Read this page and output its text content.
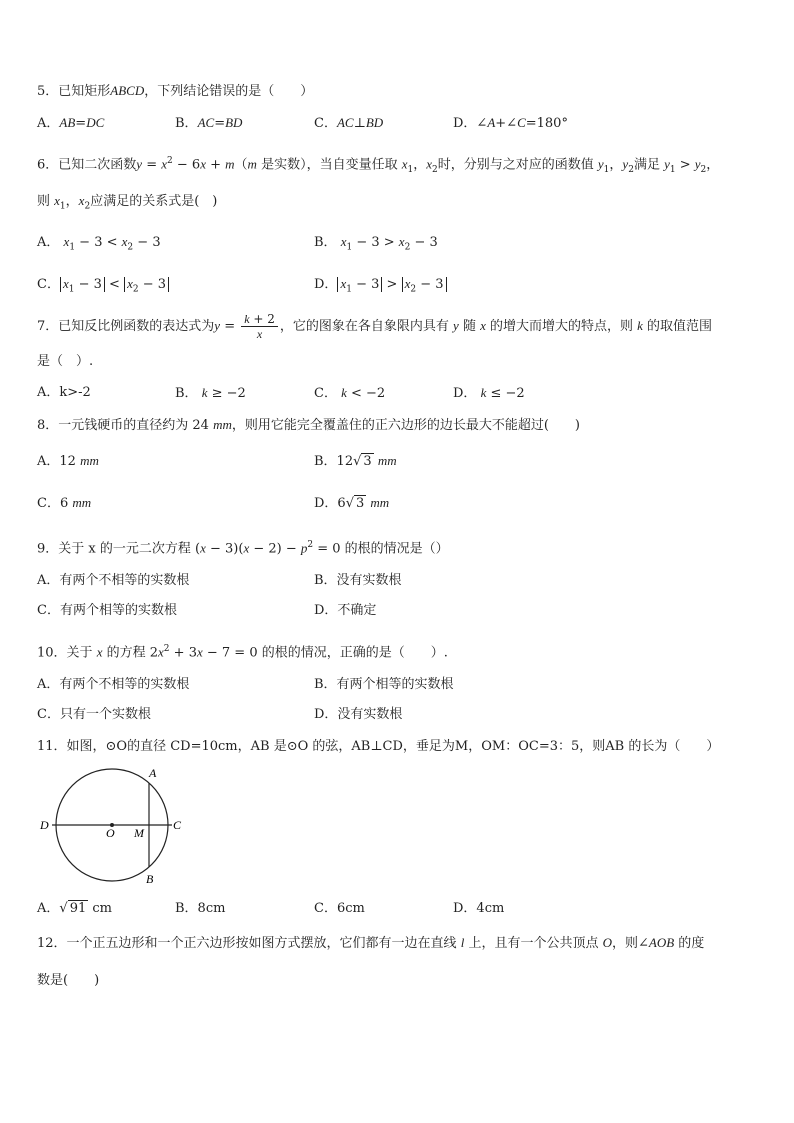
5．已知矩形ABCD，下列结论错误的是（　　）
A．AB=DC	B．AC=BD	C．AC⊥BD	D．∠A+∠C=180°
6．已知二次函数$y = x^2 - 6x + m(m$ 是实数），当自变量任取 $x_1$，$x_2$时，分别与之对应的函数值 $y_1$，$y_2$满足 $y_1 > y_2$，
则 $x_1$，$x_2$应满足的关系式是(　)
A． $x_1 - 3 < x_2 - 3$	B． $x_1 - 3 > x_2 - 3$
C． $x_1 - 3 < x_2 - 3$	D． $x_1 - 3 > x_2 - 3$
7．已知反比例函数的表达式为$y = \frac{k + 2}{x}$ ，它的图象在各自象限内具有 y 随 x 的增大而增大的特点，则 k 的取值范围
是（　）.
A．k>-2	B． k ≥ −2	C． k < −2	D． k ≤ −2
8．一元钱硬币的直径约为 24 mm，则用它能完全覆盖住的正六边形的边长最大不能超过(　　)
A．12 mm	B．12√ 3 mm
C．6 mm	D．6√ 3 mm
9．关于 x 的一元二次方程 $(x - 3)(x - 2) - p^2 = 0$ 的根的情况是（）
A．有两个不相等的实数根	B．没有实数根
C．有两个相等的实数根	D．不确定
10．关于 x 的方程 $2x^2 + 3x - 7 = 0$ 的根的情况，正确的是（　　）.
A．有两个不相等的实数根	B．有两个相等的实数根
C．只有一个实数根	D．没有实数根
11．如图，⊙O的直径 CD=10cm，AB 是⊙O 的弦，AB⊥CD，垂足为M，OM：OC=3：5，则AB 的长为（　　）
A
B
C
D
O M
A．√ 91 cm	B．8cm	C．6cm	D．4cm
12．一个正五边形和一个正六边形按如图方式摆放，它们都有一边在直线 l 上，且有一个公共顶点 O，则∠AOB 的度
数是(　　)
